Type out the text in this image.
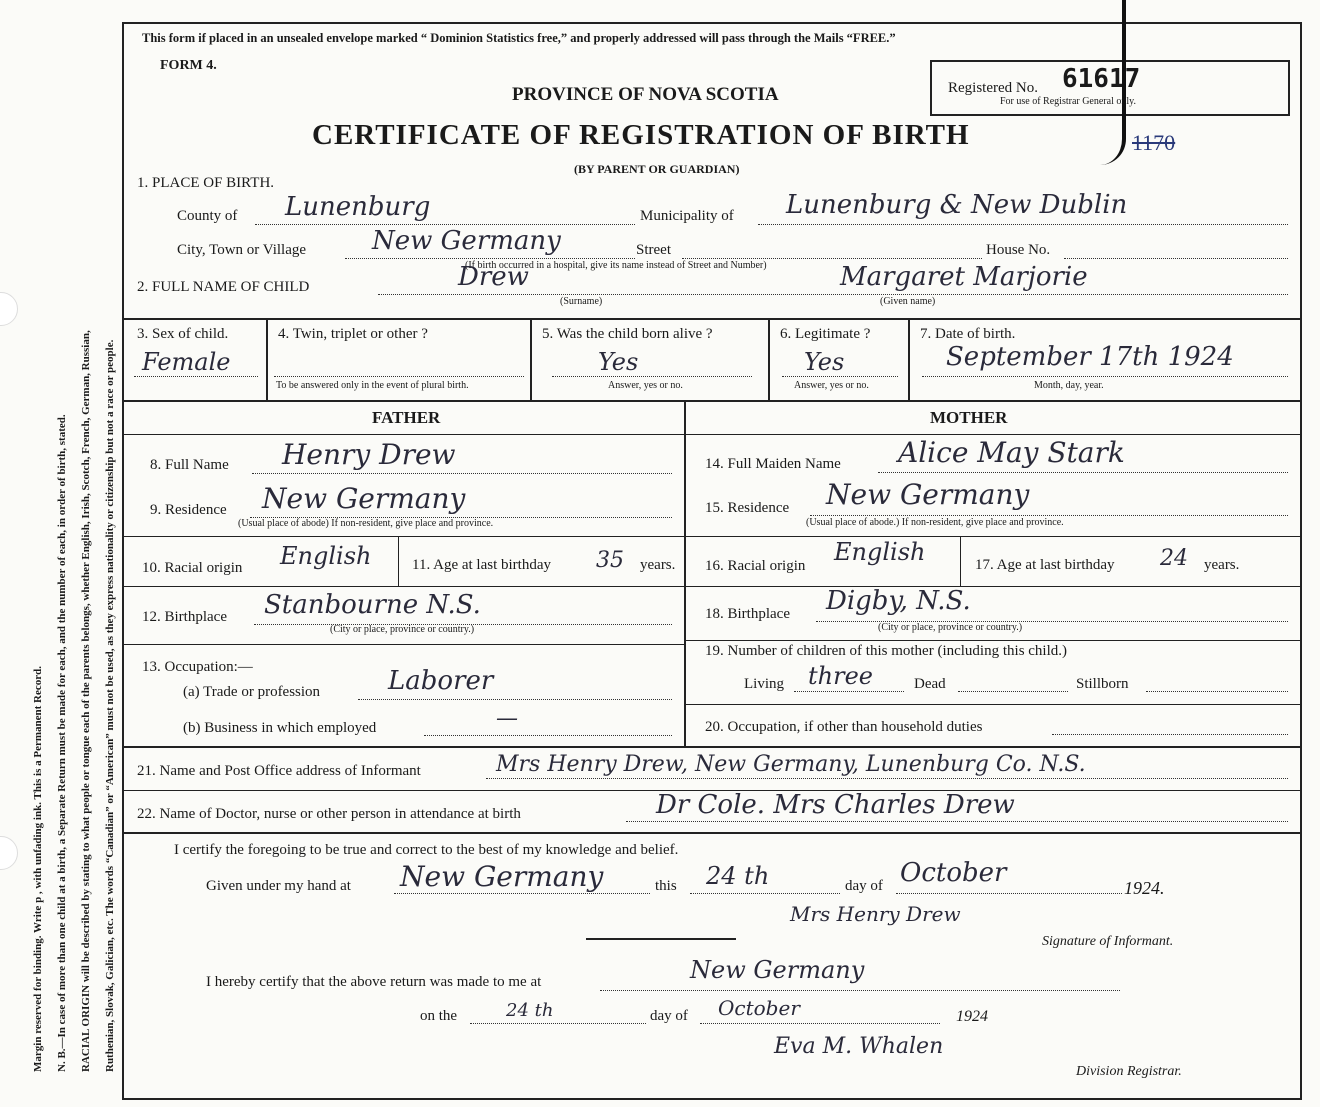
Margin reserved for binding. Write p , with unfading ink. This is a Permanent Record. N. B.—In case of more than one child at a birth, a Separate Return must be made for each, and the number of each, in order of birth, stated. RACIAL ORIGIN will be described by stating to what people or tongue each of the parents belongs, whether English, Irish, Scotch, French, German, Russian, Ruthenian, Slovak, Galician, etc. The words “Canadian” or “American” must not be used, as they express nationality or citizenship but not a race or people.
This form if placed in an unsealed envelope marked “ Dominion Statistics free,” and properly addressed will pass through the Mails “FREE.”
FORM 4.
PROVINCE OF NOVA SCOTIA
CERTIFICATE OF REGISTRATION OF BIRTH
(BY PARENT OR GUARDIAN)
Registered No. 61617
For use of Registrar General only.
1170
1. PLACE OF BIRTH.
County of Lunenburg	Municipality of Lunenburg & New Dublin
City, Town or Village	New Germany	Street	House No.
(If birth occurred in a hospital, give its name instead of Street and Number)
2. FULL NAME OF CHILD	Drew
(Surname)
Margaret Marjorie
(Given name)
3. Sex of child.
Female
4. Twin, triplet or other ?
To be answered only in the event of plural birth.
5. Was the child born alive ?
Yes
Answer, yes or no.
6. Legitimate ?
Yes
Answer, yes or no.
7. Date of birth.
September 17th 1924
Month, day, year.
FATHER	MOTHER
8. Full Name Henry Drew
9. Residence New Germany
(Usual place of abode) If non-resident, give place and province.
10. Racial origin English	11. Age at last birthday 35 years.
12. Birthplace Stanbourne N.S.
(City or place, province or country.)
13. Occupation:—
(a) Trade or profession	Laborer
(b) Business in which employed	—
14. Full Maiden Name Alice May Stark
15. Residence New Germany
(Usual place of abode.) If non-resident, give place and province.
16. Racial origin English	17. Age at last birthday 24 years.
18. Birthplace Digby, N.S.
(City or place, province or country.)
19. Number of children of this mother (including this child.)
Living three	Dead	Stillborn
20. Occupation, if other than household duties
21. Name and Post Office address of Informant	Mrs Henry Drew, New Germany, Lunenburg Co. N.S.
22. Name of Doctor, nurse or other person in attendance at birth	Dr Cole. Mrs Charles Drew
I certify the foregoing to be true and correct to the best of my knowledge and belief.
Given under my hand at New Germany	this 24 th	day of October	1924.
Mrs Henry Drew
Signature of Informant.
I hereby certify that the above return was made to me at	New Germany
on the	24 th	day of October	1924
Eva M. Whalen
Division Registrar.
